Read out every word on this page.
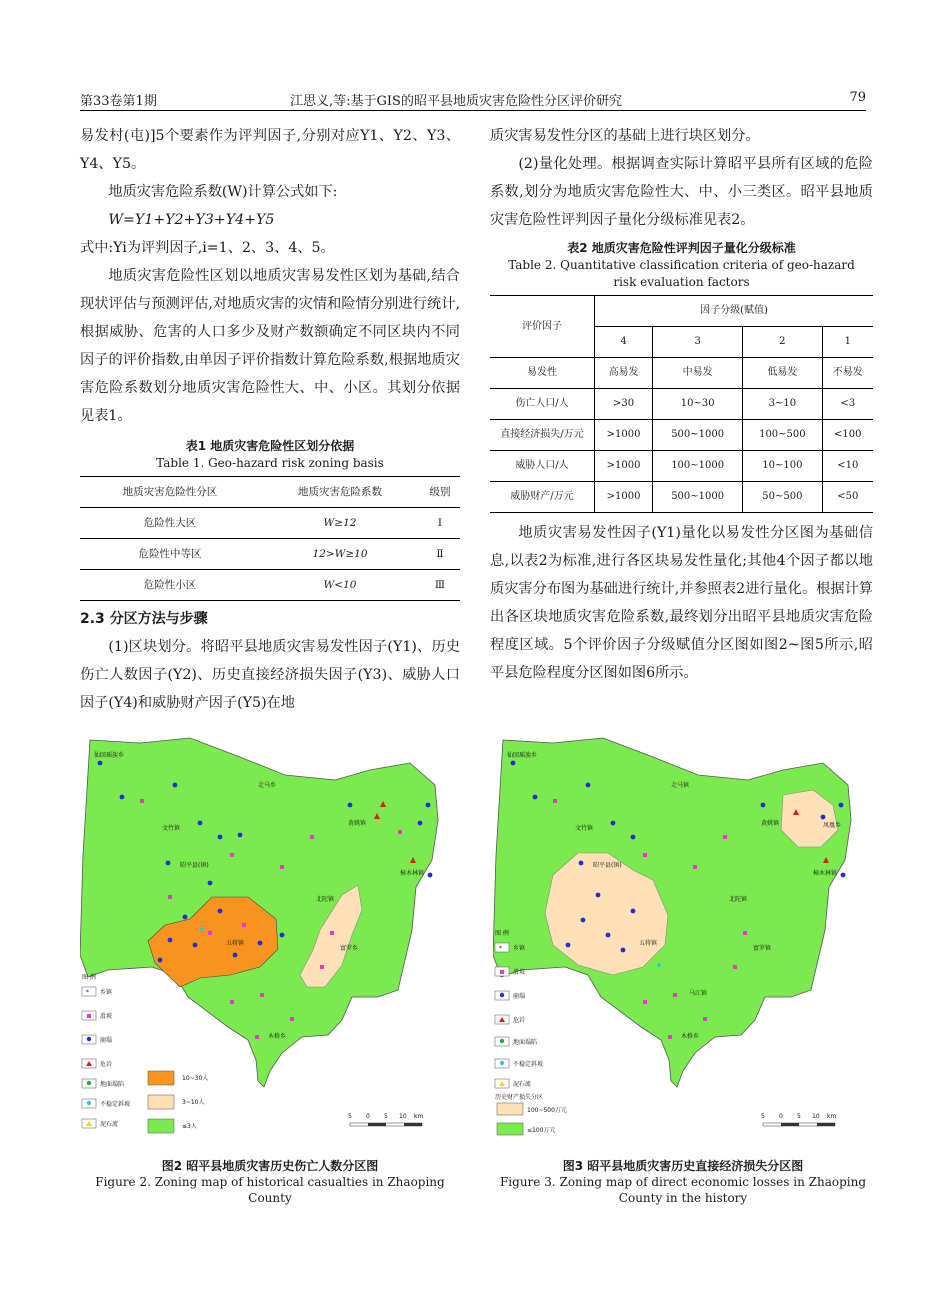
第33卷第1期	江思义,等:基于GIS的昭平县地质灾害危险性分区评价研究	79

易发村(屯)]5个要素作为评判因子,分别对应Y1、Y2、Y3、Y4、Y5。

地质灾害危险系数(W)计算公式如下:

W=Y1+Y2+Y3+Y4+Y5

式中:Yi为评判因子,i=1、2、3、4、5。

地质灾害危险性区划以地质灾害易发性区划为基础,结合现状评估与预测评估,对地质灾害的灾情和险情分别进行统计,根据威胁、危害的人口多少及财产数额确定不同区块内不同因子的评价指数,由单因子评价指数计算危险系数,根据地质灾害危险系数划分地质灾害危险性大、中、小区。其划分依据见表1。

表1 地质灾害危险性区划分依据
Table 1. Geo-hazard risk zoning basis
地质灾害危险性分区	地质灾害危险系数	级别
危险性大区	W≥12	Ⅰ
危险性中等区	12>W≥10	Ⅱ
危险性小区	W<10	Ⅲ

2.3 分区方法与步骤

(1)区块划分。将昭平县地质灾害易发性因子(Y1)、历史伤亡人数因子(Y2)、历史直接经济损失因子(Y3)、威胁人口因子(Y4)和威胁财产因子(Y5)在地

质灾害易发性分区的基础上进行块区划分。

(2)量化处理。根据调查实际计算昭平县所有区域的危险系数,划分为地质灾害危险性大、中、小三类区。昭平县地质灾害危险性评判因子量化分级标准见表2。

表2 地质灾害危险性评判因子量化分级标准
Table 2. Quantitative classification criteria of geo-hazard
risk evaluation factors
评价因子	因子分级(赋值)			
	4	3	2	1
易发性	高易发	中易发	低易发	不易发
伤亡人口/人	>30	10~30	3~10	<3
直接经济损失/万元	>1000	500~1000	100~500	<100
威胁人口/人	>1000	100~1000	10~100	<10
威胁财产/万元	>1000	500~1000	50~500	<50

地质灾害易发性因子(Y1)量化以易发性分区图为基础信息,以表2为标准,进行各区块易发性量化;其他4个因子都以地质灾害分布图为基础进行统计,并参照表2进行量化。根据计算出各区块地质灾害危险系数,最终划分出昭平县地质灾害危险程度区域。5个评价因子分级赋值分区图如图2~图5所示,昭平县危险程度分区图如图6所示。

仙回瑶族乡
走马乡
文竹镇
黄姚镇
昭平县(镇)
樟木林镇
北陀镇
五将镇
富罗乡
木格乡
图 例
* 乡镇
滑坡
崩塌
危岩
地面塌陷
不稳定斜坡
泥石流
10~30人
3~10人
≤3人
5 0 5 10 km
图2 昭平县地质灾害历史伤亡人数分区图
Figure 2. Zoning map of historical casualties in Zhaoping
County
仙回瑶族乡
走马镇
文竹镇
黄姚镇
昭平县(镇)
樟木林镇
北陀镇
五将镇
富罗镇
马江镇
木格乡
凤凰乡
图 例
* 乡镇
滑坡
崩塌
危岩
地面塌陷
不稳定斜坡
泥石流
历史财产损失分区
100~500万元
≤100万元
5 0 5 10 km
图3 昭平县地质灾害历史直接经济损失分区图
Figure 3. Zoning map of direct economic losses in Zhaoping
County in the history
